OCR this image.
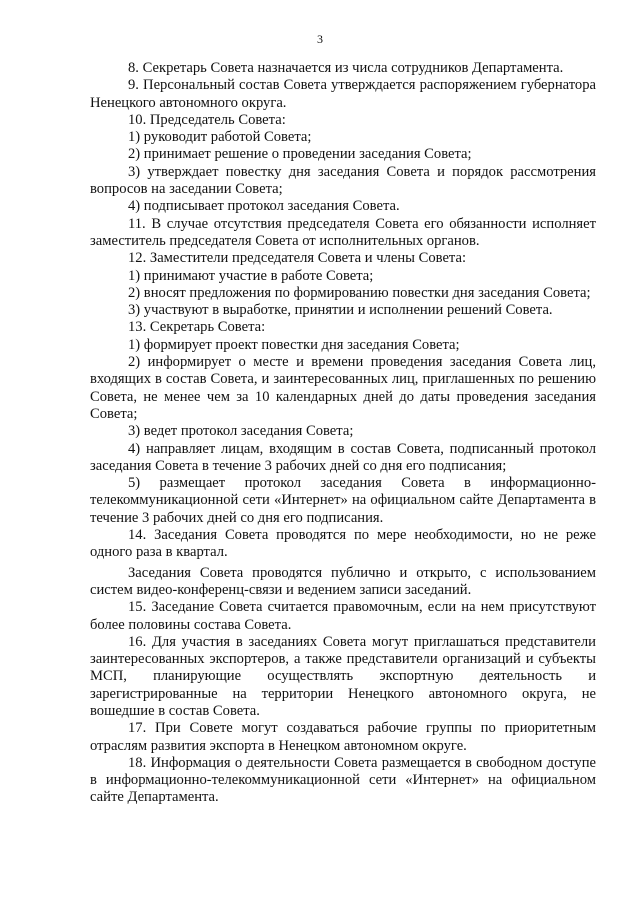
3

8. Секретарь Совета назначается из числа сотрудников Департамента.

9. Персональный состав Совета утверждается распоряжением губернатора Ненецкого автономного округа.

10. Председатель Совета:

1) руководит работой Совета;

2) принимает решение о проведении заседания Совета;

3) утверждает повестку дня заседания Совета и порядок рассмотрения вопросов на заседании Совета;

4) подписывает протокол заседания Совета.

11. В случае отсутствия председателя Совета его обязанности исполняет заместитель председателя Совета от исполнительных органов.

12. Заместители председателя Совета и члены Совета:

1) принимают участие в работе Совета;

2) вносят предложения по формированию повестки дня заседания Совета;

3) участвуют в выработке, принятии и исполнении решений Совета.

13. Секретарь Совета:

1) формирует проект повестки дня заседания Совета;

2) информирует о месте и времени проведения заседания Совета лиц, входящих в состав Совета, и заинтересованных лиц, приглашенных по решению Совета, не менее чем за 10 календарных дней до даты проведения заседания Совета;

3) ведет протокол заседания Совета;

4) направляет лицам, входящим в состав Совета, подписанный протокол заседания Совета в течение 3 рабочих дней со дня его подписания;

5) размещает протокол заседания Совета в информационно-телекоммуникационной сети «Интернет» на официальном сайте Департамента в течение 3 рабочих дней со дня его подписания.

14. Заседания Совета проводятся по мере необходимости, но не реже одного раза в квартал.

Заседания Совета проводятся публично и открыто, с использованием систем видео-конференц-связи и ведением записи заседаний.

15. Заседание Совета считается правомочным, если на нем присутствуют более половины состава Совета.

16. Для участия в заседаниях Совета могут приглашаться представители заинтересованных экспортеров, а также представители организаций и субъекты МСП, планирующие осуществлять экспортную деятельность и зарегистрированные на территории Ненецкого автономного округа, не вошедшие в состав Совета.

17. При Совете могут создаваться рабочие группы по приоритетным отраслям развития экспорта в Ненецком автономном округе.

18. Информация о деятельности Совета размещается в свободном доступе в информационно-телекоммуникационной сети «Интернет» на официальном сайте Департамента.
